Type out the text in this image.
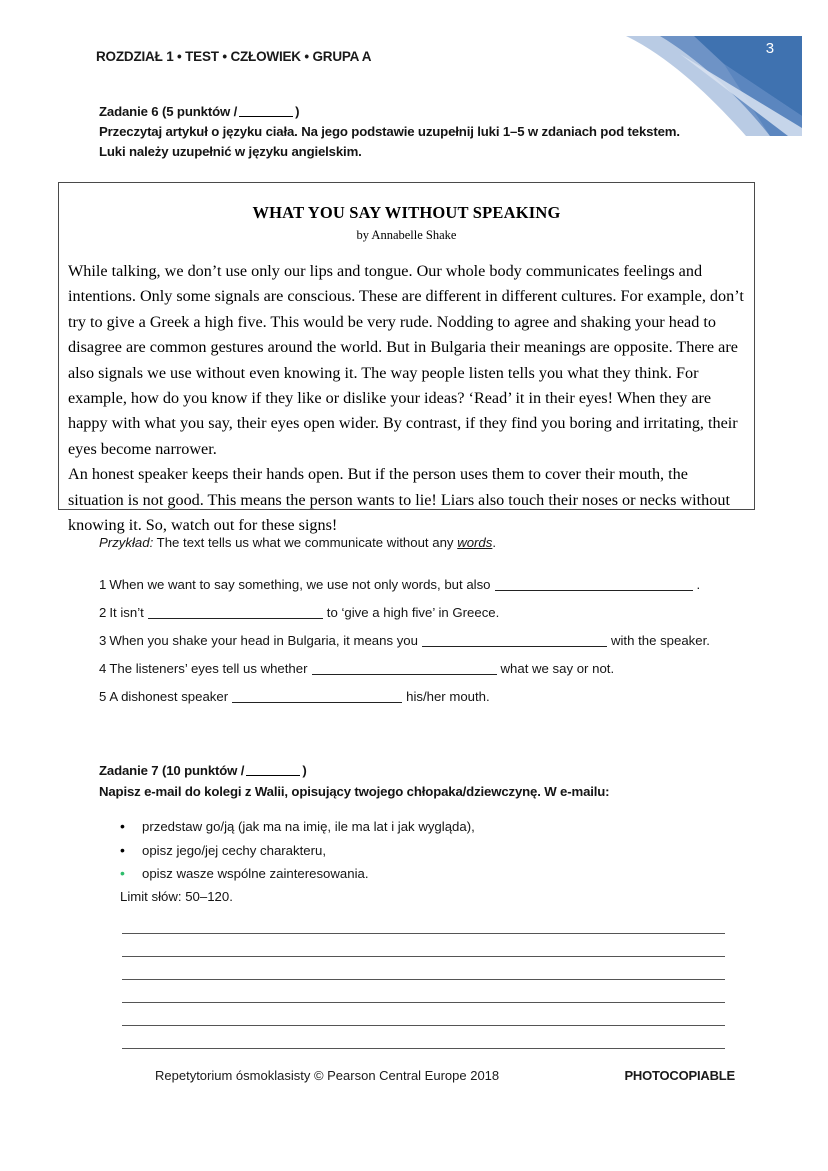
3
ROZDZIAŁ 1 • TEST • CZŁOWIEK • GRUPA A
Zadanie 6 (5 punktów /	)
Przeczytaj artykuł o języku ciała. Na jego podstawie uzupełnij luki 1–5 w zdaniach pod tekstem.
Luki należy uzupełnić w języku angielskim.
WHAT YOU SAY WITHOUT SPEAKING
by Annabelle Shake

While talking, we don’t use only our lips and tongue. Our whole body communicates feelings and intentions. Only some signals are conscious. These are different in different cultures. For example, don’t try to give a Greek a high five. This would be very rude. Nodding to agree and shaking your head to disagree are common gestures around the world. But in Bulgaria their meanings are opposite. There are also signals we use without even knowing it. The way people listen tells you what they think. For example, how do you know if they like or dislike your ideas? ‘Read’ it in their eyes! When they are happy with what you say, their eyes open wider. By contrast, if they find you boring and irritating, their eyes become narrower.

An honest speaker keeps their hands open. But if the person uses them to cover their mouth, the situation is not good. This means the person wants to lie! Liars also touch their noses or necks without knowing it. So, watch out for these signs!

Przykład: The text tells us what we communicate without any words.
1 When we want to say something, we use not only words, but also	.
2 It isn’t	to ‘give a high five’ in Greece.
3 When you shake your head in Bulgaria, it means you	with the speaker.
4 The listeners’ eyes tell us whether	what we say or not.
5 A dishonest speaker	his/her mouth.
Zadanie 7 (10 punktów /	)
Napisz e-mail do kolegi z Walii, opisujący twojego chłopaka/dziewczynę. W e-mailu:
•	przedstaw go/ją (jak ma na imię, ile ma lat i jak wygląda),
•	opisz jego/jej cechy charakteru,
•	opisz wasze wspólne zainteresowania.
Limit słów: 50–120.
Repetytorium ósmoklasisty © Pearson Central Europe 2018	PHOTOCOPIABLE
